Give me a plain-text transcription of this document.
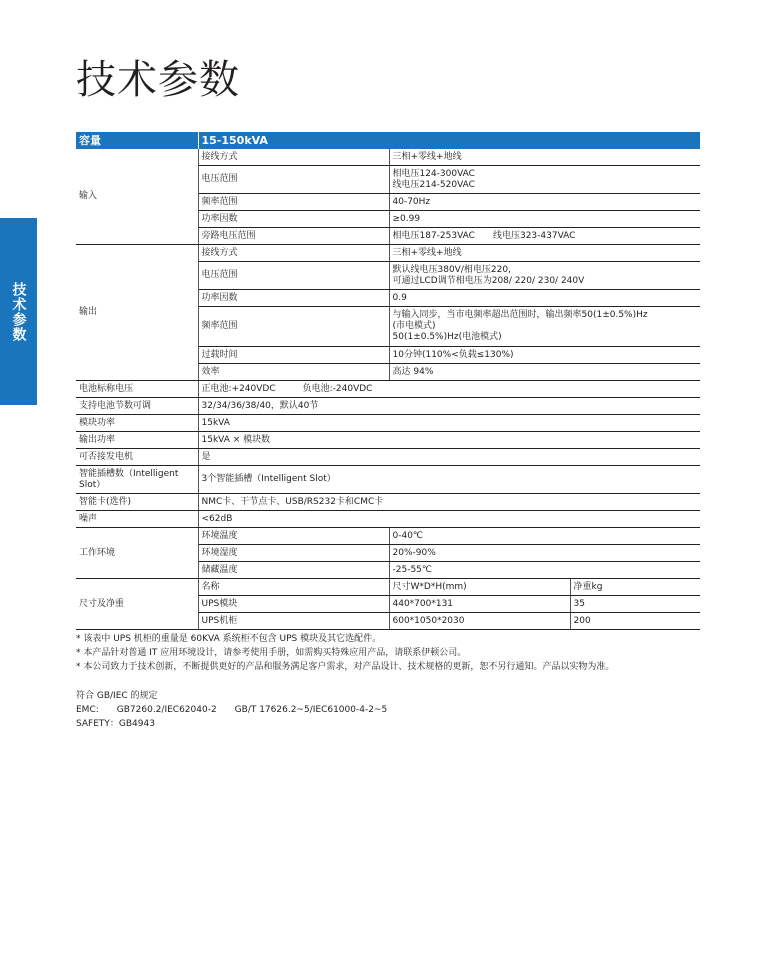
技术参数
技术参数
容量	15-150kVA		
输入	接线方式	三相+零线+地线	
	电压范围	相电压124-300VAC
线电压214-520VAC	

	频率范围	40-70Hz	
	功率因数	≥0.99	
	旁路电压范围	相电压187-253VAC　　线电压323-437VAC	
输出	接线方式	三相+零线+地线	
	电压范围	默认线电压380V/相电压220,
可通过LCD调节相电压为208/ 220/ 230/ 240V	

	功率因数	0.9	
	频率范围	与输入同步，当市电频率超出范围时，输出频率50(1±0.5%)Hz
(市电模式)
50(1±0.5%)Hz(电池模式)	

	过载时间	10分钟(110%<负载≤130%)	
	效率	高达 94%	
电池标称电压	正电池:+240VDC　　　负电池:-240VDC		
支持电池节数可调	32/34/36/38/40，默认40节		
模块功率	15kVA		
输出功率	15kVA × 模块数		
可否接发电机	是		
智能插槽数（Intelligent Slot）	3个智能插槽（Intelligent Slot）		
智能卡(选件)	NMC卡、干节点卡、USB/RS232卡和CMC卡		
噪声	<62dB		
工作环境	环境温度	0-40℃	
	环境湿度	20%-90%	
	储藏温度	-25-55℃	
尺寸及净重	名称	尺寸W*D*H(mm)	净重kg
	UPS模块	440*700*131	35
	UPS机柜	600*1050*2030	200

* 该表中 UPS 机柜的重量是 60KVA 系统柜不包含 UPS 模块及其它选配件。

* 本产品针对普通 IT 应用环境设计，请参考使用手册，如需购买特殊应用产品，请联系伊顿公司。

* 本公司致力于技术创新，不断提供更好的产品和服务满足客户需求，对产品设计、技术规格的更新，恕不另行通知。产品以实物为准。

符合 GB/IEC 的规定

EMC:　　GB7260.2/IEC62040-2　　GB/T 17626.2~5/IEC61000-4-2~5

SAFETY：GB4943
